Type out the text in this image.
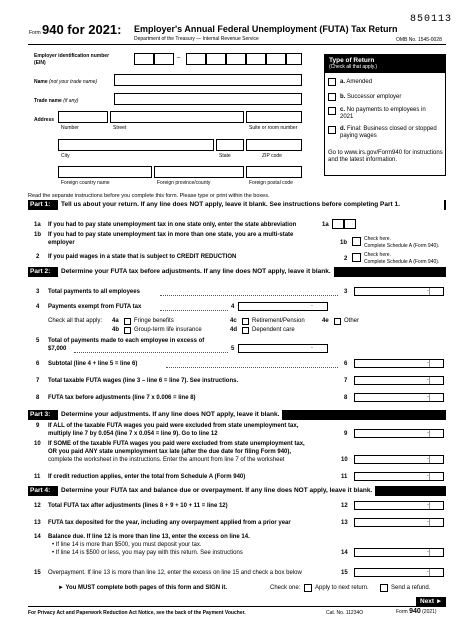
Form 940 for 2021: Employer's Annual Federal Unemployment (FUTA) Tax Return
Department of the Treasury — Internal Revenue Service
850113
OMB No. 1545-0028
Employer identification number
(EIN)
–
Name (not your trade name)
Trade name (if any)
Address
Number	Street	Suite or room number
City	State	ZIP code
Foreign country name	Foreign province/county	Foreign postal code
Type of Return
(Check all that apply.)
a. Amended
b. Successor employer
c. No payments to employees in 2021
d. Final: Business closed or stopped paying wages
Go to www.irs.gov/Form940 for instructions and the latest information.
Read the separate instructions before you complete this form. Please type or print within the boxes.
Part 1:	Tell us about your return. If any line does NOT apply, leave it blank. See instructions before completing Part 1.
1a If you had to pay state unemployment tax in one state only, enter the state abbreviation	1a
1b If you had to pay state unemployment tax in more than one state, you are a multi-state
employer	1b
Check here.
Complete Schedule A (Form 940).
2 If you paid wages in a state that is subject to CREDIT REDUCTION	2
Check here.
Complete Schedule A (Form 940).
Part 2:	Determine your FUTA tax before adjustments. If any line does NOT apply, leave it blank.
3 Total payments to all employees	3	.
4 Payments exempt from FUTA tax	4	.
Check all that apply: 4a	Fringe benefits	4c	Retirement/Pension	4e	Other
4b Group-term life insurance	4d Dependent care
5 Total of payments made to each employee in excess of
$7,000	5	.
6 Subtotal (line 4 + line 5 = line 6)	6	.
7 Total taxable FUTA wages (line 3 – line 6 = line 7). See instructions.	7	.
8 FUTA tax before adjustments (line 7 x 0.006 = line 8)	8	.
Part 3:	Determine your adjustments. If any line does NOT apply, leave it blank.
9 If ALL of the taxable FUTA wages you paid were excluded from state unemployment tax,
multiply line 7 by 0.054 (line 7 x 0.054 = line 9). Go to line 12	9	.
10 If SOME of the taxable FUTA wages you paid were excluded from state unemployment tax,
OR you paid ANY state unemployment tax late (after the due date for filing Form 940),
complete the worksheet in the instructions. Enter the amount from line 7 of the worksheet	10	.
11 If credit reduction applies, enter the total from Schedule A (Form 940)	11	.
Part 4:	Determine your FUTA tax and balance due or overpayment. If any line does NOT apply, leave it blank.
12 Total FUTA tax after adjustments (lines 8 + 9 + 10 + 11 = line 12)	12	.
13 FUTA tax deposited for the year, including any overpayment applied from a prior year	13	.
14 Balance due. If line 12 is more than line 13, enter the excess on line 14.
• If line 14 is more than $500, you must deposit your tax.
• If line 14 is $500 or less, you may pay with this return. See instructions	14	.
15 Overpayment. If line 13 is more than line 12, enter the excess on line 15 and check a box below	15	.
► You MUST complete both pages of this form and SIGN it.	Check one: Apply to next return.	Send a refund.
Next ►
For Privacy Act and Paperwork Reduction Act Notice, see the back of the Payment Voucher.	Cat. No. 11234O	Form 940 (2021)
